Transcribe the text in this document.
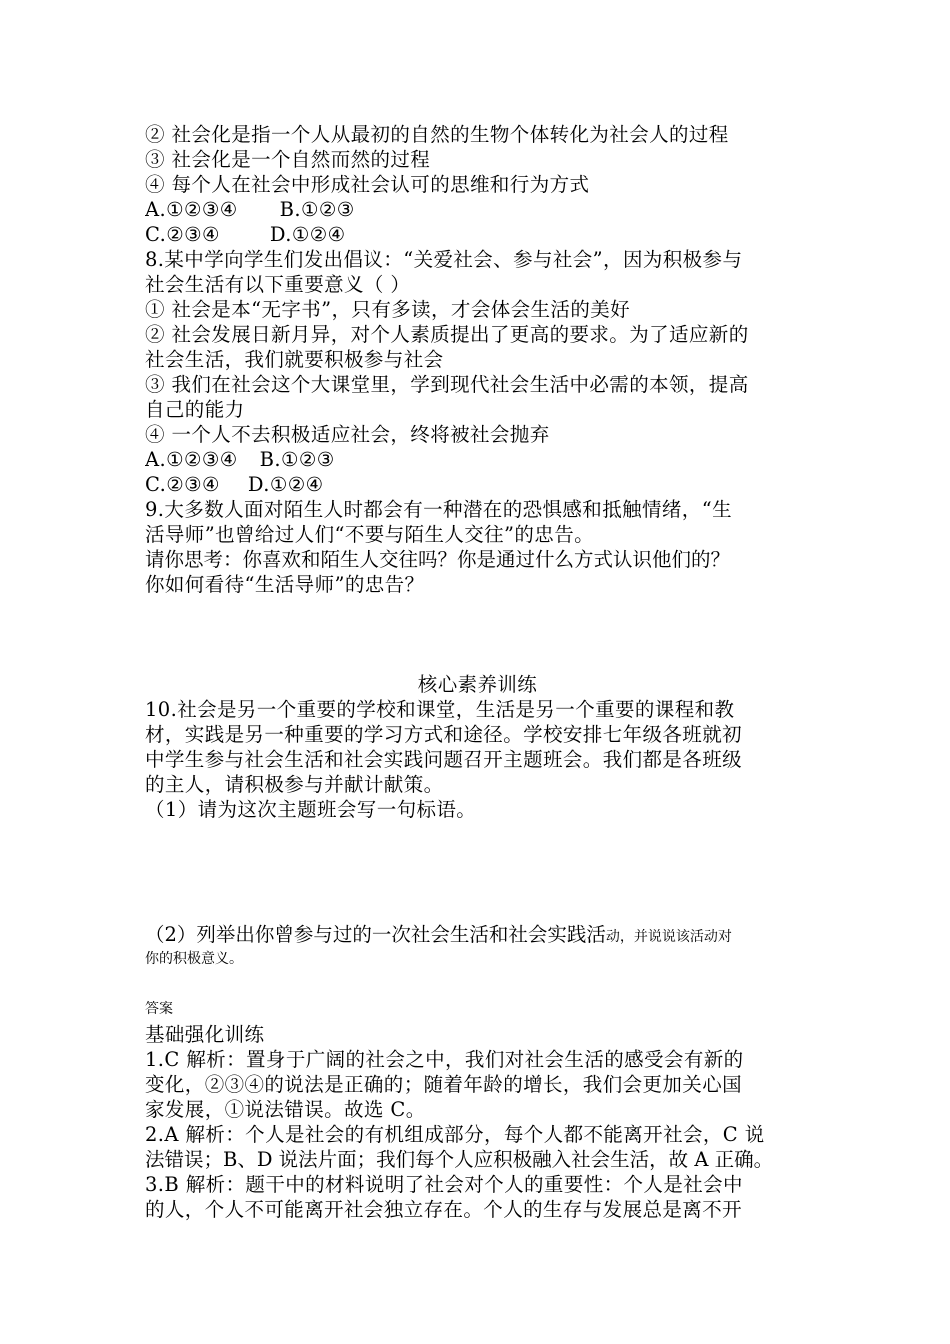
② 社会化是指一个人从最初的自然的生物个体转化为社会人的过程
③ 社会化是一个自然而然的过程
④ 每个人在社会中形成社会认可的思维和行为方式
A.①②③④ B.①②③
C.②③④	D.①②④
8.某中学向学生们发出倡议：“关爱社会、参与社会”，因为积极参与
社会生活有以下重要意义（ ）
① 社会是本“无字书”，只有多读，才会体会生活的美好
② 社会发展日新月异，对个人素质提出了更高的要求。为了适应新的
社会生活，我们就要积极参与社会
③ 我们在社会这个大课堂里，学到现代社会生活中必需的本领，提高
自己的能力
④ 一个人不去积极适应社会，终将被社会抛弃
A.①②③④ B.①②③
C.②③④ D.①②④
9.大多数人面对陌生人时都会有一种潜在的恐惧感和抵触情绪，“生
活导师”也曾给过人们“不要与陌生人交往”的忠告。
请你思考：你喜欢和陌生人交往吗？你是通过什么方式认识他们的？
你如何看待“生活导师”的忠告？
核心素养训练
10.社会是另一个重要的学校和课堂，生活是另一个重要的课程和教
材，实践是另一种重要的学习方式和途径。学校安排七年级各班就初
中学生参与社会生活和社会实践问题召开主题班会。我们都是各班级
的主人，请积极参与并献计献策。
（1）请为这次主题班会写一句标语。
（2）列举出你曾参与过的一次社会生活和社会实践活动，并说说该活动对
你的积极意义。
答案
基础强化训练
1.C 解析：置身于广阔的社会之中，我们对社会生活的感受会有新的
变化，②③④的说法是正确的；随着年龄的增长，我们会更加关心国
家发展，①说法错误。故选 C。
2.A 解析：个人是社会的有机组成部分，每个人都不能离开社会，C 说
法错误；B、D 说法片面；我们每个人应积极融入社会生活，故 A 正确。
3.B 解析：题干中的材料说明了社会对个人的重要性：个人是社会中
的人，个人不可能离开社会独立存在。个人的生存与发展总是离不开
